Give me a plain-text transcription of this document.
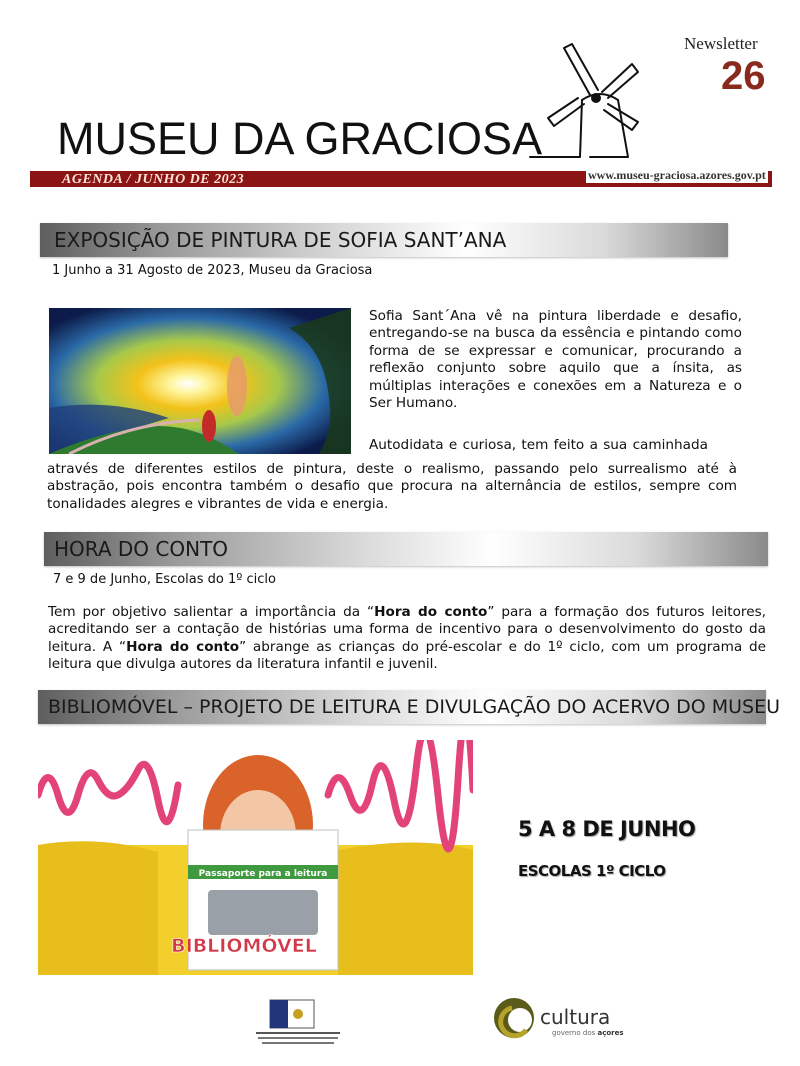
Newsletter
26
MUSEU DA GRACIOSA
AGENDA / JUNHO DE 2023	www.museu-graciosa.azores.gov.pt
EXPOSIÇÃO DE PINTURA DE SOFIA SANT’ANA
1 Junho a 31 Agosto de 2023, Museu da Graciosa
Sofia Sant´Ana vê na pintura liberdade e desafio, entregando-se na busca da essência e pintando como forma de se expressar e comunicar, procurando a reflexão conjunto sobre aquilo que a ínsita, as múltiplas interações e conexões em a Natureza e o Ser Humano.
Autodidata e curiosa, tem feito a sua caminhada
através de diferentes estilos de pintura, deste o realismo, passando pelo surrealismo até à abstração, pois encontra também o desafio que procura na alternância de estilos, sempre com tonalidades alegres e vibrantes de vida e energia.
HORA DO CONTO
7 e 9 de Junho, Escolas do 1º ciclo
Tem por objetivo salientar a importância da “Hora do conto” para a formação dos futuros leitores, acreditando ser a contação de histórias uma forma de incentivo para o desenvolvimento do gosto da leitura. A “Hora do conto” abrange as crianças do pré-escolar e do 1º ciclo, com um programa de leitura que divulga autores da literatura infantil e juvenil.
BIBLIOMÓVEL – PROJETO DE LEITURA E DIVULGAÇÃO DO ACERVO DO MUSEU
Passaporte para a leitura
BIBLIOMÓVEL
5 A 8 DE JUNHO
ESCOLAS 1º CICLO
cultura
governo dos açores
